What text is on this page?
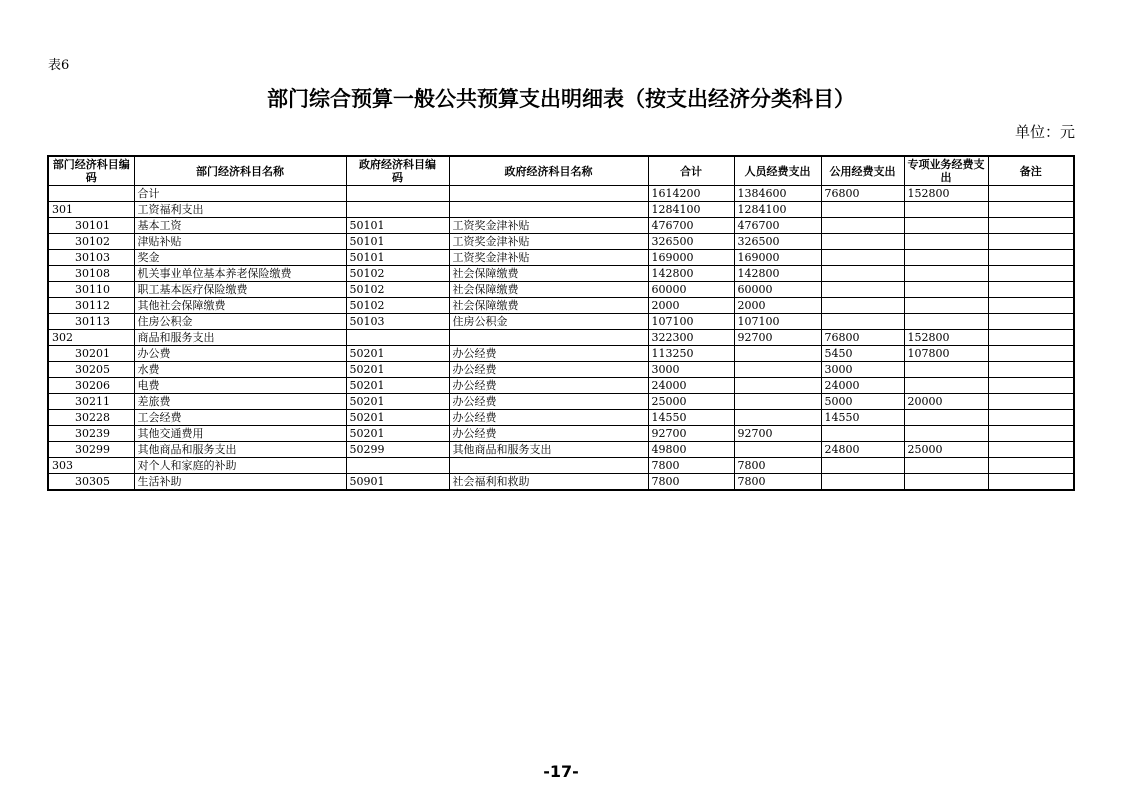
表6
部门综合预算一般公共预算支出明细表（按支出经济分类科目）
单位：元
部门经济科目编码	部门经济科目名称	政府经济科目编码	政府经济科目名称	合计	人员经费支出	公用经费支出	专项业务经费支出	备注
	合计			1614200	1384600	76800	152800	
301	工资福利支出			1284100	1284100			
30101	基本工资	50101	工资奖金津补贴	476700	476700			
30102	津贴补贴	50101	工资奖金津补贴	326500	326500			
30103	奖金	50101	工资奖金津补贴	169000	169000			
30108	机关事业单位基本养老保险缴费	50102	社会保障缴费	142800	142800			
30110	职工基本医疗保险缴费	50102	社会保障缴费	60000	60000			
30112	其他社会保障缴费	50102	社会保障缴费	2000	2000			
30113	住房公积金	50103	住房公积金	107100	107100			
302	商品和服务支出			322300	92700	76800	152800	
30201	办公费	50201	办公经费	113250		5450	107800	
30205	水费	50201	办公经费	3000		3000		
30206	电费	50201	办公经费	24000		24000		
30211	差旅费	50201	办公经费	25000		5000	20000	
30228	工会经费	50201	办公经费	14550		14550		
30239	其他交通费用	50201	办公经费	92700	92700			
30299	其他商品和服务支出	50299	其他商品和服务支出	49800		24800	25000	
303	对个人和家庭的补助			7800	7800			
30305	生活补助	50901	社会福利和救助	7800	7800			
-17-
